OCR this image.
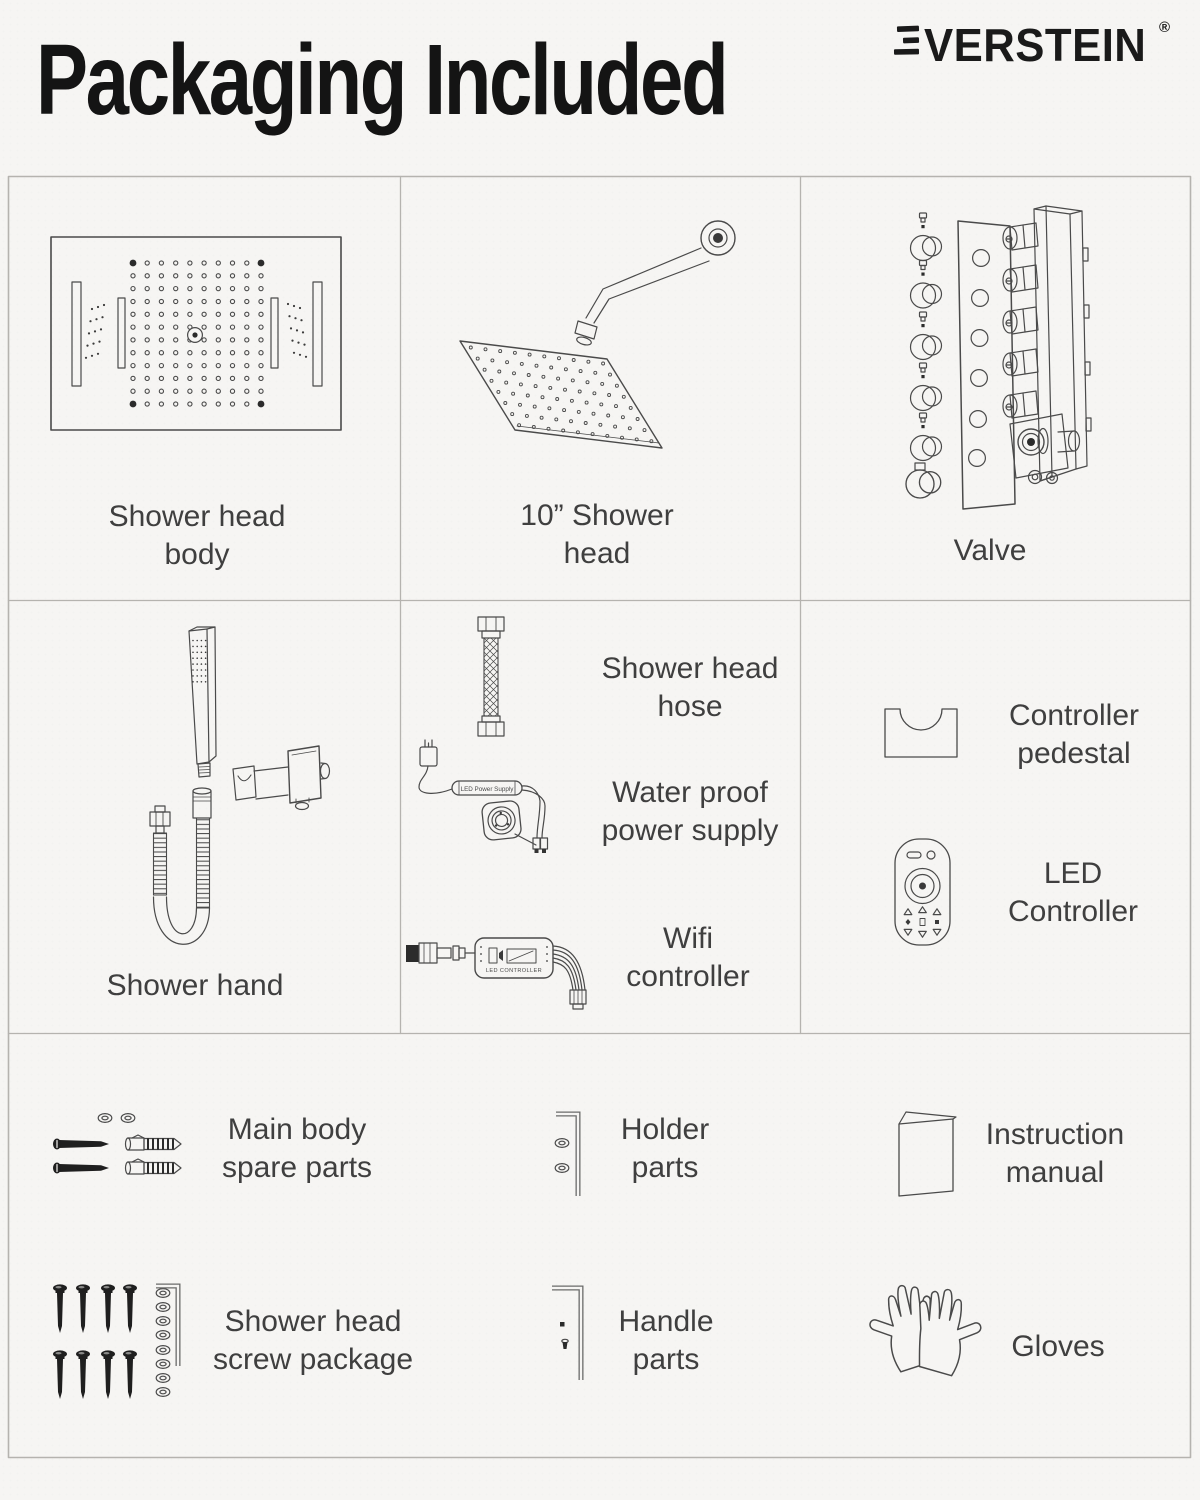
Packaging Included	VERSTEIN ®
LED Power Supply
LED CONTROLLER
Shower head
body
10” Shower
head	Valve
Shower hand
Shower head
hose
Water proof
power supply
Wifi
controller
Controller
pedestal
LED
Controller
Main body
spare parts
Holder
parts
Instruction
manual
Shower head
screw package
Handle
parts	Gloves
